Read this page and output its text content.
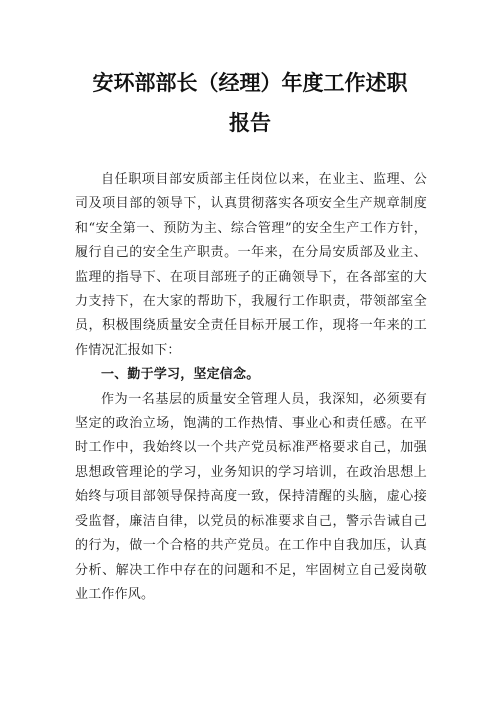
安环部部长（经理）年度工作述职
报告

自任职项目部安质部主任岗位以来，在业主、监理、公司及项目部的领导下，认真贯彻落实各项安全生产规章制度和“安全第一、预防为主、综合管理”的安全生产工作方针，履行自己的安全生产职责。一年来，在分局安质部及业主、监理的指导下、在项目部班子的正确领导下，在各部室的大力支持下，在大家的帮助下，我履行工作职责，带领部室全员，积极围绕质量安全责任目标开展工作，现将一年来的工作情况汇报如下：

一、勤于学习，坚定信念。

作为一名基层的质量安全管理人员，我深知，必须要有坚定的政治立场，饱满的工作热情、事业心和责任感。在平时工作中，我始终以一个共产党员标准严格要求自己，加强思想政管理论的学习，业务知识的学习培训，在政治思想上始终与项目部领导保持高度一致，保持清醒的头脑，虚心接受监督，廉洁自律，以党员的标准要求自己，警示告诫自己的行为，做一个合格的共产党员。在工作中自我加压，认真分析、解决工作中存在的问题和不足，牢固树立自己爱岗敬业工作作风。
